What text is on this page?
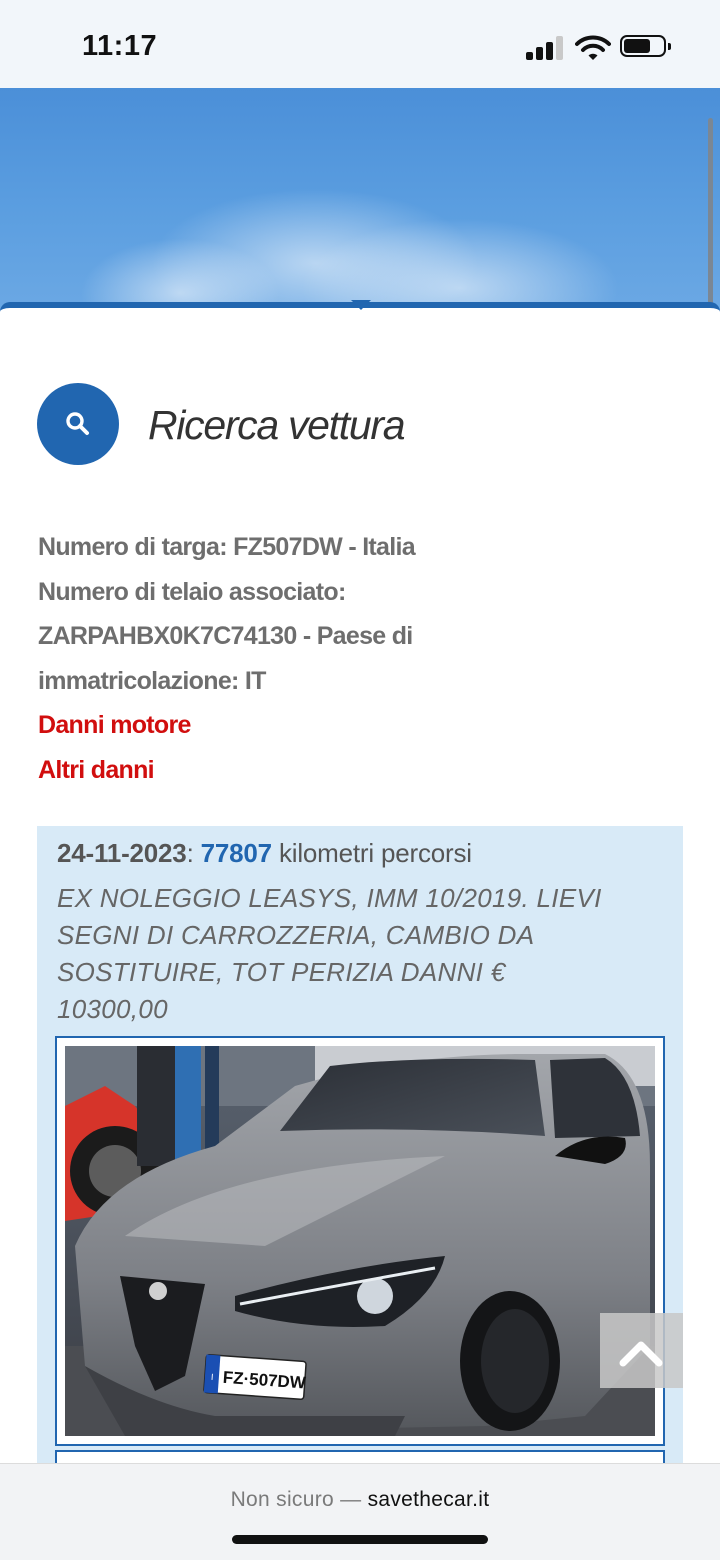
11:17
Ricerca vettura
Numero di targa: FZ507DW - Italia
Numero di telaio associato:
ZARPAHBX0K7C74130 - Paese di
immatricolazione: IT
Danni motore
Altri danni
24-11-2023: 77807 kilometri percorsi
EX NOLEGGIO LEASYS, IMM 10/2019. LIEVI
SEGNI DI CARROZZERIA, CAMBIO DA
SOSTITUIRE, TOT PERIZIA DANNI €
10300,00
I FZ·507DW
Non sicuro — savethecar.it
